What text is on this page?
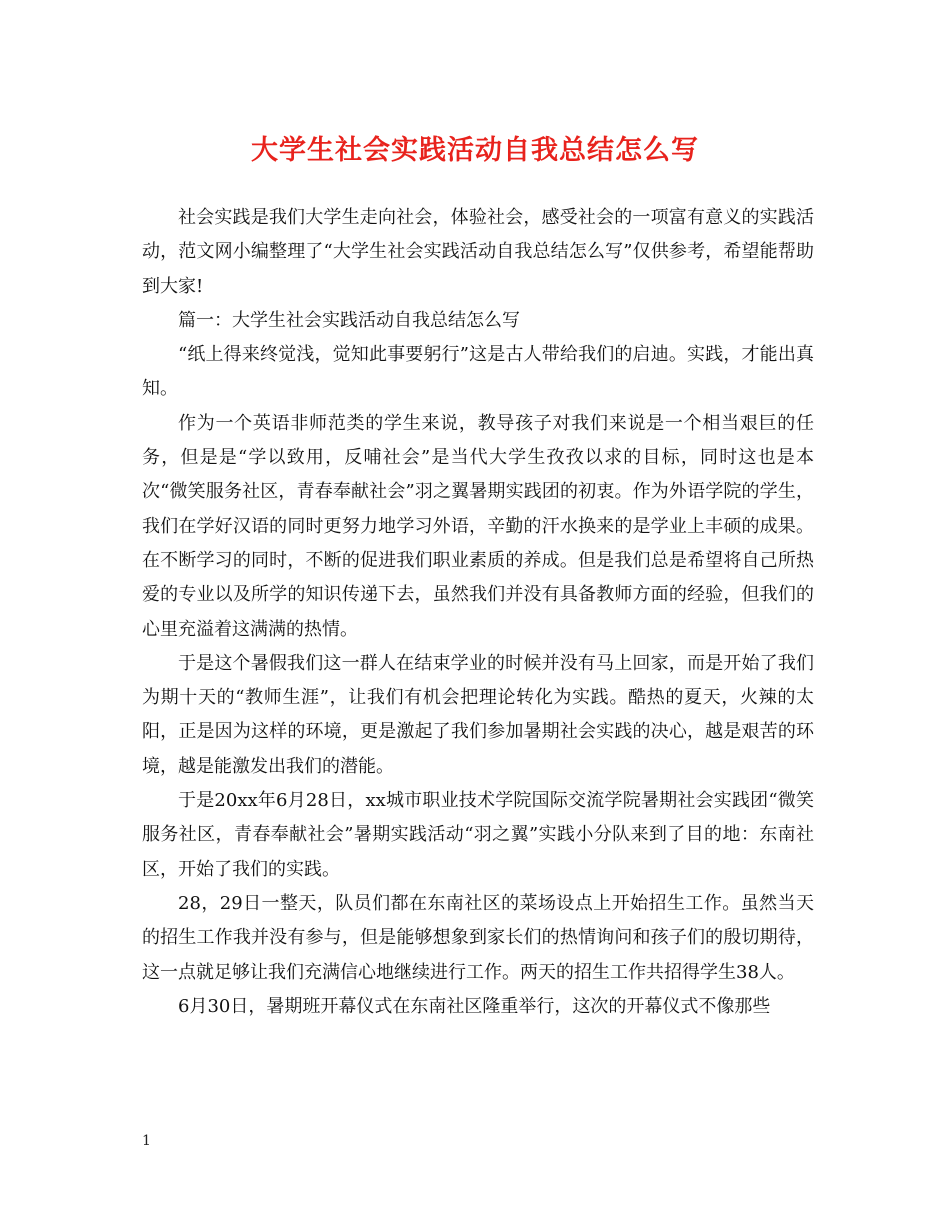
大学生社会实践活动自我总结怎么写

社会实践是我们大学生走向社会，体验社会，感受社会的一项富有意义的实践活动，范文网小编整理了“大学生社会实践活动自我总结怎么写”仅供参考，希望能帮助到大家!

篇一：大学生社会实践活动自我总结怎么写

“纸上得来终觉浅，觉知此事要躬行”这是古人带给我们的启迪。实践，才能出真知。

作为一个英语非师范类的学生来说，教导孩子对我们来说是一个相当艰巨的任务，但是是“学以致用，反哺社会”是当代大学生孜孜以求的目标，同时这也是本次“微笑服务社区，青春奉献社会”羽之翼暑期实践团的初衷。作为外语学院的学生，我们在学好汉语的同时更努力地学习外语，辛勤的汗水换来的是学业上丰硕的成果。在不断学习的同时，不断的促进我们职业素质的养成。但是我们总是希望将自己所热爱的专业以及所学的知识传递下去，虽然我们并没有具备教师方面的经验，但我们的心里充溢着这满满的热情。

于是这个暑假我们这一群人在结束学业的时候并没有马上回家，而是开始了我们为期十天的“教师生涯”，让我们有机会把理论转化为实践。酷热的夏天，火辣的太阳，正是因为这样的环境，更是激起了我们参加暑期社会实践的决心，越是艰苦的环境，越是能激发出我们的潜能。

于是20xx年6月28日，xx城市职业技术学院国际交流学院暑期社会实践团“微笑服务社区，青春奉献社会”暑期实践活动“羽之翼”实践小分队来到了目的地：东南社区，开始了我们的实践。

28，29日一整天，队员们都在东南社区的菜场设点上开始招生工作。虽然当天的招生工作我并没有参与，但是能够想象到家长们的热情询问和孩子们的殷切期待，这一点就足够让我们充满信心地继续进行工作。两天的招生工作共招得学生38人。

6月30日，暑期班开幕仪式在东南社区隆重举行，这次的开幕仪式不像那些

1
